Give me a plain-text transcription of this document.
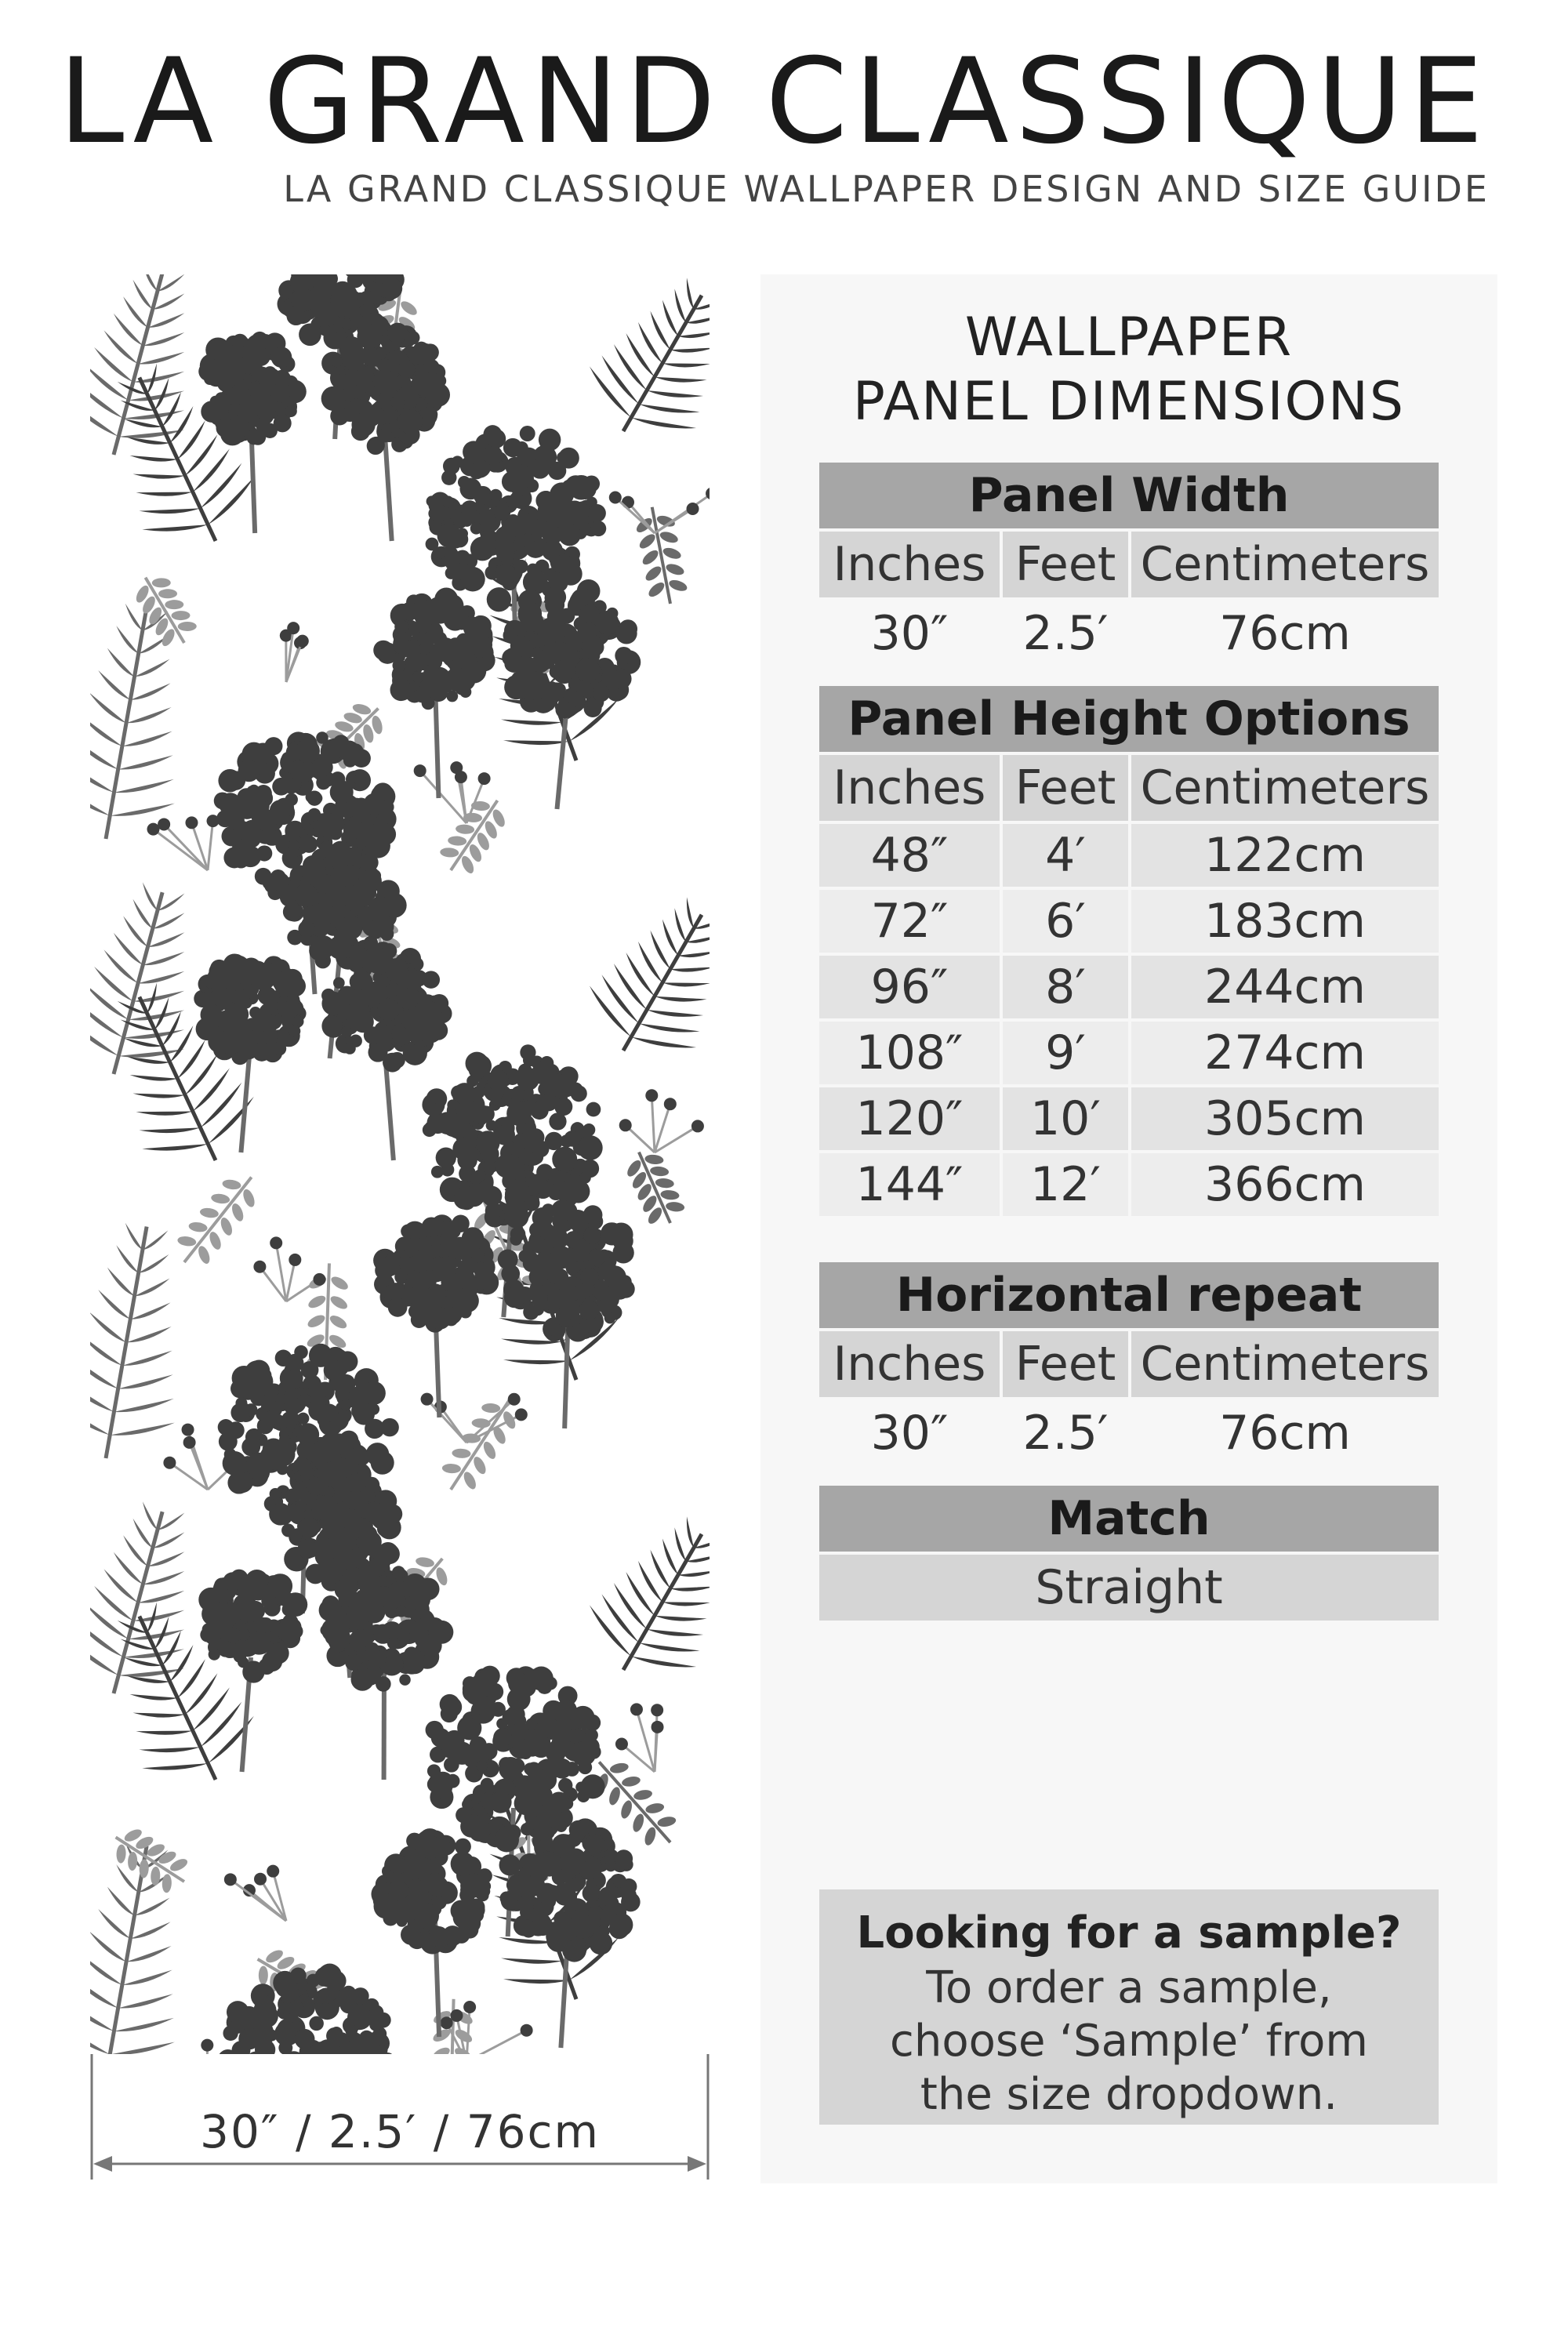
LA GRAND CLASSIQUE
LA GRAND CLASSIQUE WALLPAPER DESIGN AND SIZE GUIDE
30″ / 2.5′ / 76cm
WALLPAPER
PANEL DIMENSIONS
Panel Width
Inches Feet Centimeters
30″	2.5′	76cm
Panel Height Options
Inches Feet Centimeters
48″	4′	122cm
72″	6′	183cm
96″	8′	244cm
108″	9′	274cm
120″	10′	305cm
144″	12′	366cm
Horizontal repeat
Inches Feet Centimeters
30″	2.5′	76cm
Match
Straight
Looking for a sample?
To order a sample,
choose ‘Sample’ from
the size dropdown.
